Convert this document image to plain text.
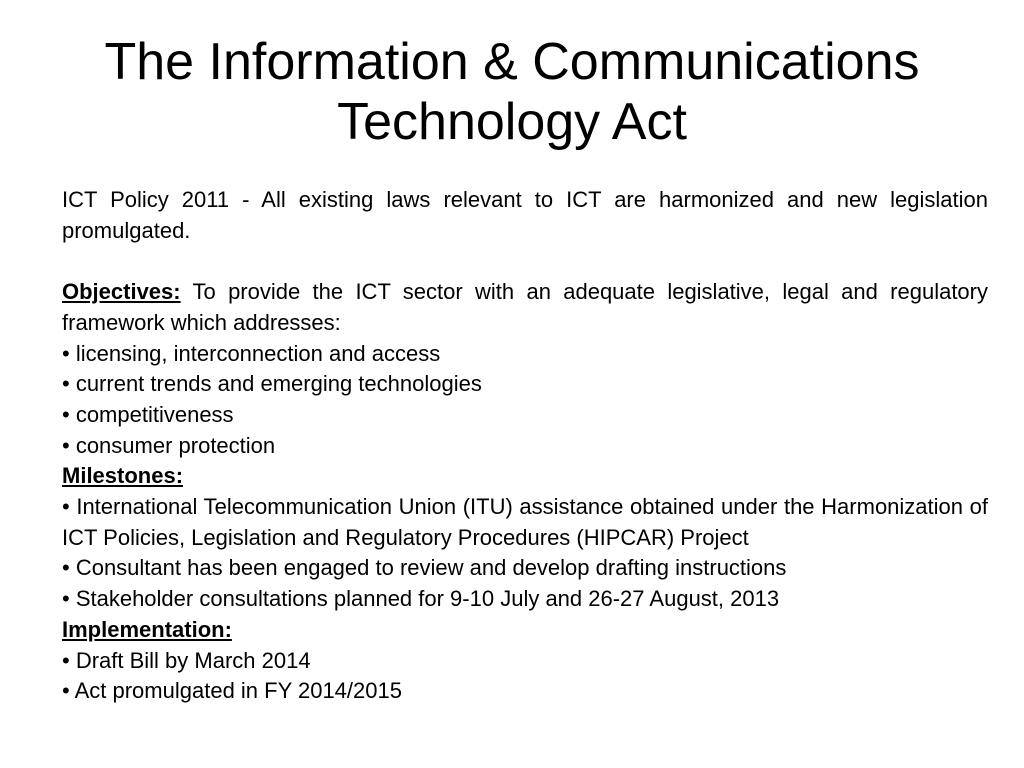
The Information & Communications
Technology Act

ICT Policy 2011 - All existing laws relevant to ICT are harmonized and new legislation promulgated.

Objectives: To provide the ICT sector with an adequate legislative, legal and regulatory framework which addresses:

• licensing, interconnection and access

• current trends and emerging technologies

• competitiveness

• consumer protection

Milestones:

• International Telecommunication Union (ITU) assistance obtained under the Harmonization of ICT Policies, Legislation and Regulatory Procedures (HIPCAR) Project

• Consultant has been engaged to review and develop drafting instructions

• Stakeholder consultations planned for 9-10 July and 26-27 August, 2013

Implementation:

• Draft Bill by March 2014

• Act promulgated in FY 2014/2015
